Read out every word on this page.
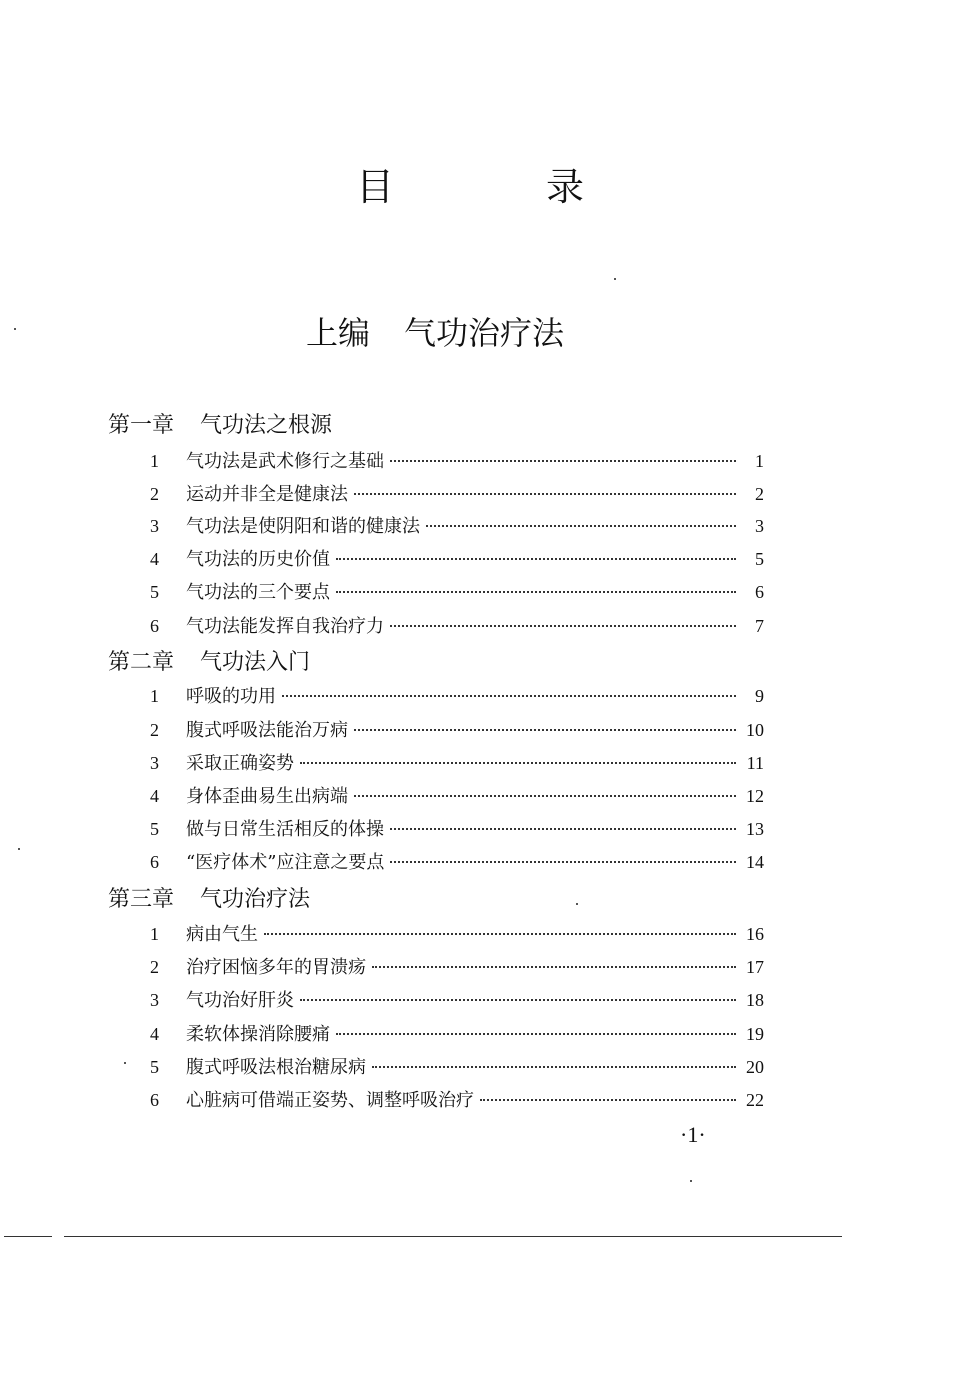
目 录
上编 气功治疗法
第一章 气功法之根源
1	气功法是武术修行之基础	1
2	运动并非全是健康法	2
3	气功法是使阴阳和谐的健康法	3
4	气功法的历史价值	5
5	气功法的三个要点	6
6	气功法能发挥自我治疗力	7
第二章 气功法入门
1	呼吸的功用	9
2	腹式呼吸法能治万病	10
3	采取正确姿势	11
4	身体歪曲易生出病端	12
5	做与日常生活相反的体操	13
6	“医疗体术”应注意之要点	14
第三章 气功治疗法
1	病由气生	16
2	治疗困恼多年的胃溃疡	17
3	气功治好肝炎	18
4	柔软体操消除腰痛	19
5	腹式呼吸法根治糖尿病	20
6	心脏病可借端正姿势、调整呼吸治疗	22
·1·
